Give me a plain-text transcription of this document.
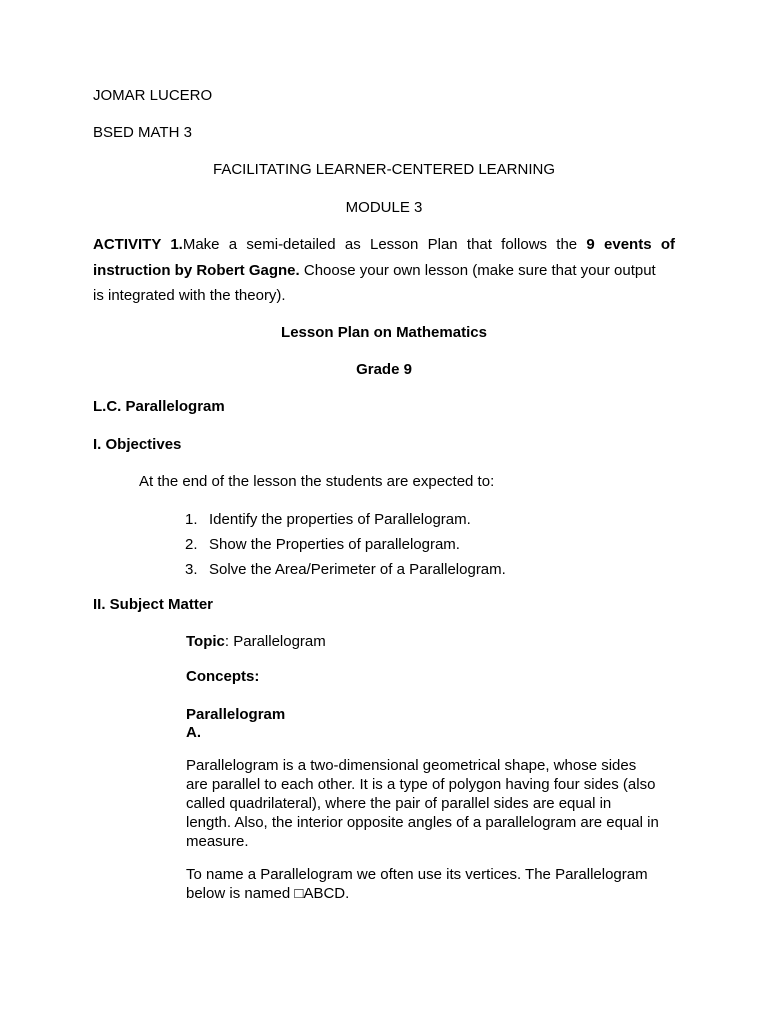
JOMAR LUCERO
BSED MATH 3
FACILITATING LEARNER-CENTERED LEARNING
MODULE 3
ACTIVITY 1.Make a semi-detailed as Lesson Plan that follows the 9 events of instruction by Robert Gagne. Choose your own lesson (make sure that your output
is integrated with the theory).
Lesson Plan on Mathematics
Grade 9
L.C. Parallelogram
I. Objectives
At the end of the lesson the students are expected to:
1. Identify the properties of Parallelogram.
2. Show the Properties of parallelogram.
3. Solve the Area/Perimeter of a Parallelogram.
II. Subject Matter
Topic: Parallelogram
Concepts:
Parallelogram
A.
Parallelogram is a two-dimensional geometrical shape, whose sides
are parallel to each other. It is a type of polygon having four sides (also
called quadrilateral), where the pair of parallel sides are equal in
length. Also, the interior opposite angles of a parallelogram are equal in
measure.
To name a Parallelogram we often use its vertices. The Parallelogram
below is named □ABCD.
